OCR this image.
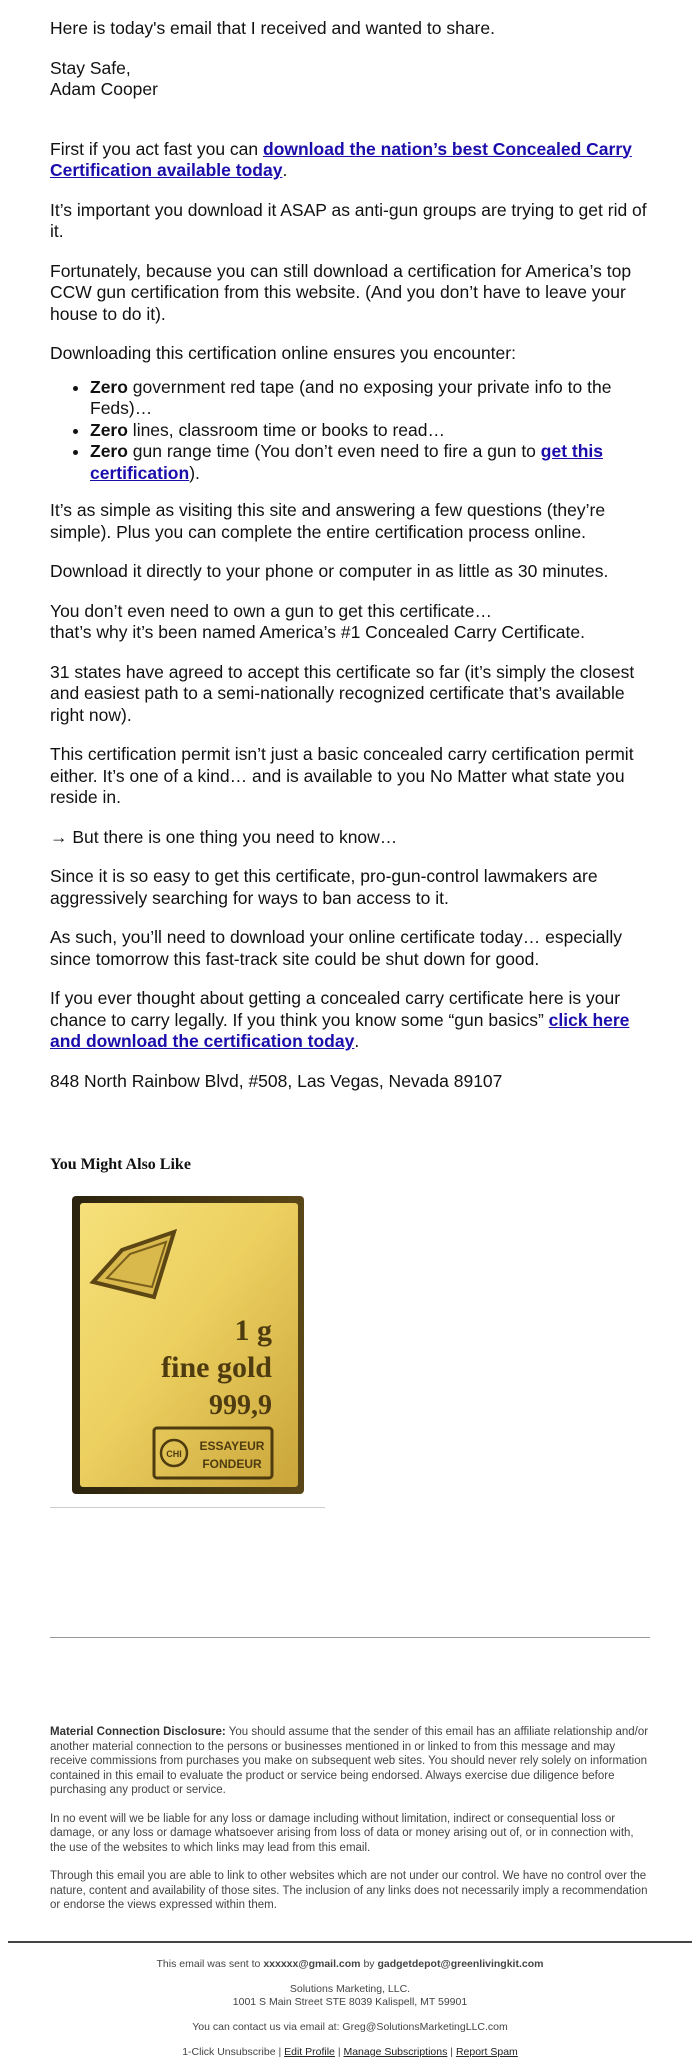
Here is today's email that I received and wanted to share.

Stay Safe,
Adam Cooper

First if you act fast you can download the nation’s best Concealed Carry Certification available today.

It’s important you download it ASAP as anti-gun groups are trying to get rid of it.

Fortunately, because you can still download a certification for America’s top CCW gun certification from this website. (And you don’t have to leave your house to do it).

Downloading this certification online ensures you encounter:

• Zero government red tape (and no exposing your private info to the Feds)…
• Zero lines, classroom time or books to read…
• Zero gun range time (You don’t even need to fire a gun to get this certification).

It’s as simple as visiting this site and answering a few questions (they’re simple). Plus you can complete the entire certification process online.

Download it directly to your phone or computer in as little as 30 minutes.

You don’t even need to own a gun to get this certificate…
that’s why it’s been named America’s #1 Concealed Carry Certificate.

31 states have agreed to accept this certificate so far (it’s simply the closest and easiest path to a semi-nationally recognized certificate that’s available right now).

This certification permit isn’t just a basic concealed carry certification permit either. It’s one of a kind… and is available to you No Matter what state you reside in.

→ But there is one thing you need to know…

Since it is so easy to get this certificate, pro-gun-control lawmakers are aggressively searching for ways to ban access to it.

As such, you’ll need to download your online certificate today… especially since tomorrow this fast-track site could be shut down for good.

If you ever thought about getting a concealed carry certificate here is your chance to carry legally. If you think you know some “gun basics” click here and download the certification today.

848 North Rainbow Blvd, #508, Las Vegas, Nevada 89107

You Might Also Like
1 g
fine gold
999,9
CHI
ESSAYEUR
FONDEUR

Material Connection Disclosure: You should assume that the sender of this email has an affiliate relationship and/or another material connection to the persons or businesses mentioned in or linked to from this message and may receive commissions from purchases you make on subsequent web sites. You should never rely solely on information contained in this email to evaluate the product or service being endorsed. Always exercise due diligence before purchasing any product or service.

In no event will we be liable for any loss or damage including without limitation, indirect or consequential loss or damage, or any loss or damage whatsoever arising from loss of data or money arising out of, or in connection with, the use of the websites to which links may lead from this email.

Through this email you are able to link to other websites which are not under our control. We have no control over the nature, content and availability of those sites. The inclusion of any links does not necessarily imply a recommendation or endorse the views expressed within them.

This email was sent to xxxxxx@gmail.com by gadgetdepot@greenlivingkit.com

Solutions Marketing, LLC.
1001 S Main Street STE 8039 Kalispell, MT 59901

You can contact us via email at: Greg@SolutionsMarketingLLC.com

1-Click Unsubscribe | Edit Profile | Manage Subscriptions | Report Spam
